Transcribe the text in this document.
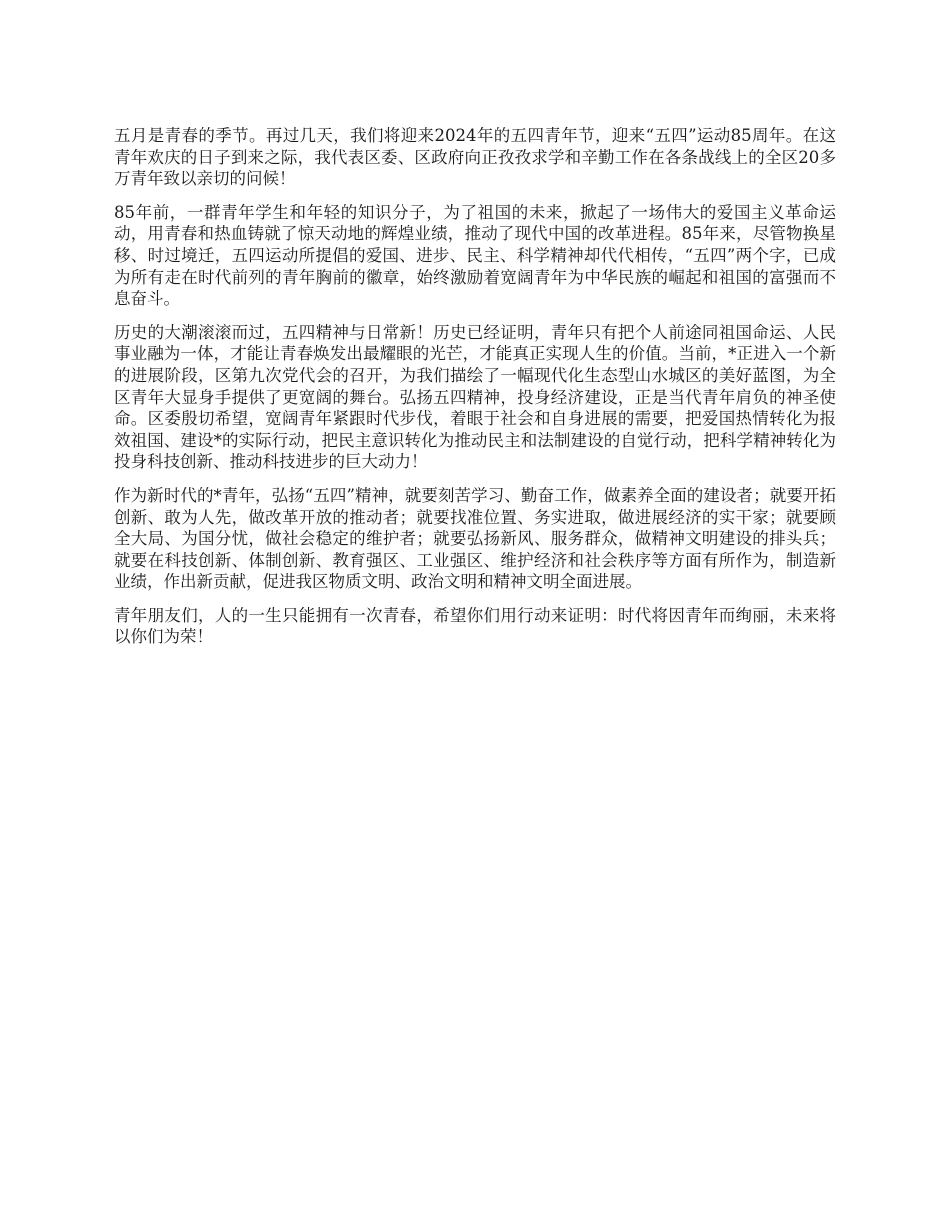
五月是青春的季节。再过几天，我们将迎来2024年的五四青年节，迎来“五四”运动85周年。在这青年欢庆的日子到来之际，我代表区委、区政府向正孜孜求学和辛勤工作在各条战线上的全区20多万青年致以亲切的问候！

85年前，一群青年学生和年轻的知识分子，为了祖国的未来，掀起了一场伟大的爱国主义革命运动，用青春和热血铸就了惊天动地的辉煌业绩，推动了现代中国的改革进程。85年来，尽管物换星移、时过境迁，五四运动所提倡的爱国、进步、民主、科学精神却代代相传，“五四”两个字，已成为所有走在时代前列的青年胸前的徽章，始终激励着宽阔青年为中华民族的崛起和祖国的富强而不息奋斗。

历史的大潮滚滚而过，五四精神与日常新！历史已经证明，青年只有把个人前途同祖国命运、人民事业融为一体，才能让青春焕发出最耀眼的光芒，才能真正实现人生的价值。当前，*正进入一个新的进展阶段，区第九次党代会的召开，为我们描绘了一幅现代化生态型山水城区的美好蓝图，为全区青年大显身手提供了更宽阔的舞台。弘扬五四精神，投身经济建设，正是当代青年肩负的神圣使命。区委殷切希望，宽阔青年紧跟时代步伐，着眼于社会和自身进展的需要，把爱国热情转化为报效祖国、建设*的实际行动，把民主意识转化为推动民主和法制建设的自觉行动，把科学精神转化为投身科技创新、推动科技进步的巨大动力！

作为新时代的*青年，弘扬“五四”精神，就要刻苦学习、勤奋工作，做素养全面的建设者；就要开拓创新、敢为人先，做改革开放的推动者；就要找准位置、务实进取，做进展经济的实干家；就要顾全大局、为国分忧，做社会稳定的维护者；就要弘扬新风、服务群众，做精神文明建设的排头兵；就要在科技创新、体制创新、教育强区、工业强区、维护经济和社会秩序等方面有所作为，制造新业绩，作出新贡献，促进我区物质文明、政治文明和精神文明全面进展。

青年朋友们，人的一生只能拥有一次青春，希望你们用行动来证明：时代将因青年而绚丽，未来将以你们为荣！
